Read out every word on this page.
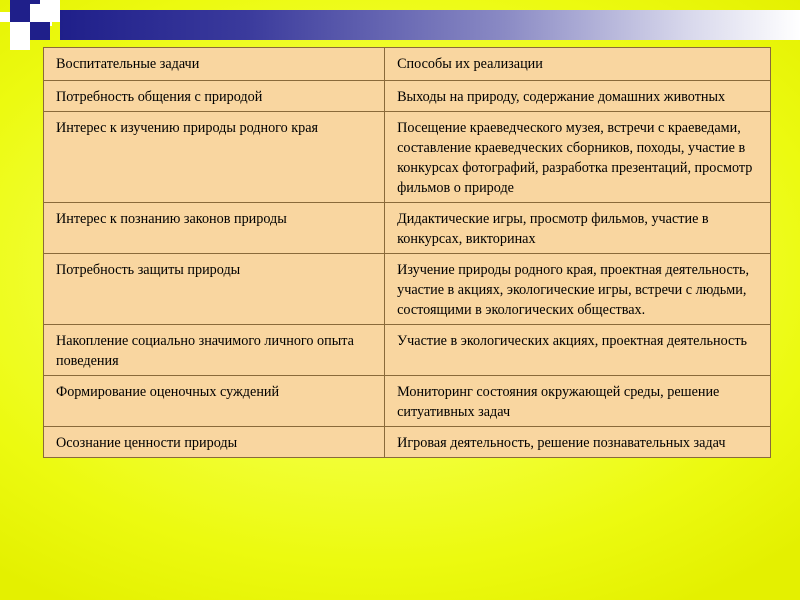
Воспитательные задачи	Способы их реализации
Потребность общения с природой	Выходы на природу, содержание домашних животных
Интерес к изучению природы родного края	Посещение краеведческого музея, встречи с краеведами, составление краеведческих сборников, походы, участие в конкурсах фотографий, разработка презентаций, просмотр фильмов о природе
Интерес к познанию законов природы	Дидактические игры, просмотр фильмов, участие в конкурсах, викторинах
Потребность защиты природы	Изучение природы родного края, проектная деятельность, участие в акциях, экологические игры, встречи с людьми, состоящими в экологических обществах.
Накопление социально значимого личного опыта поведения	Участие в экологических акциях, проектная деятельность
Формирование оценочных суждений	Мониторинг состояния окружающей среды, решение ситуативных задач
Осознание ценности природы	Игровая деятельность, решение познавательных задач
